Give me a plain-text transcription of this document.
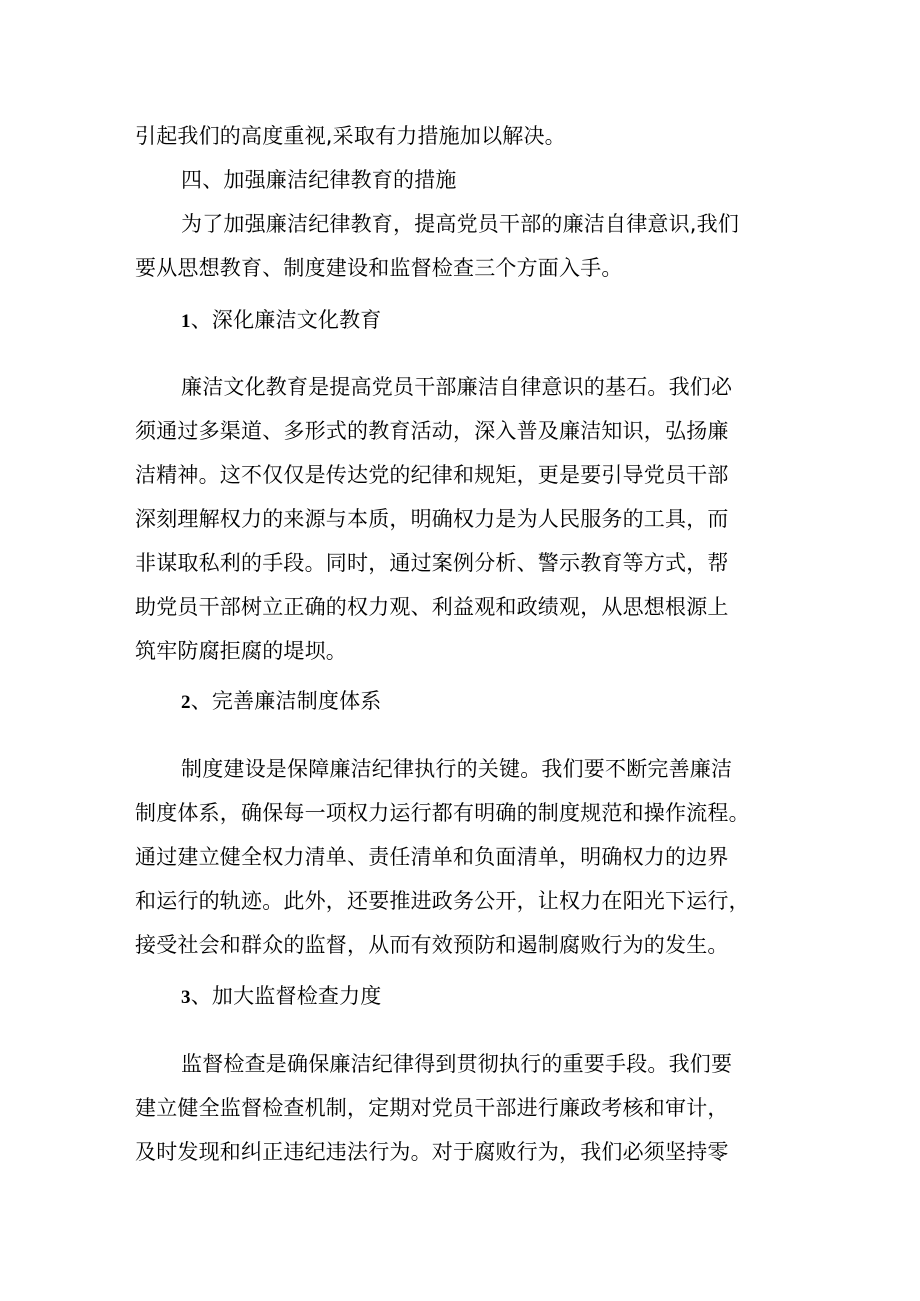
引起我们的高度重视,采取有力措施加以解决。

四、加强廉洁纪律教育的措施

为了加强廉洁纪律教育，提高党员干部的廉洁自律意识,我们

要从思想教育、制度建设和监督检查三个方面入手。

1、深化廉洁文化教育

廉洁文化教育是提高党员干部廉洁自律意识的基石。我们必

须通过多渠道、多形式的教育活动，深入普及廉洁知识，弘扬廉

洁精神。这不仅仅是传达党的纪律和规矩，更是要引导党员干部

深刻理解权力的来源与本质，明确权力是为人民服务的工具，而

非谋取私利的手段。同时，通过案例分析、警示教育等方式，帮

助党员干部树立正确的权力观、利益观和政绩观，从思想根源上

筑牢防腐拒腐的堤坝。

2、完善廉洁制度体系

制度建设是保障廉洁纪律执行的关键。我们要不断完善廉洁

制度体系，确保每一项权力运行都有明确的制度规范和操作流程。

通过建立健全权力清单、责任清单和负面清单，明确权力的边界

和运行的轨迹。此外，还要推进政务公开，让权力在阳光下运行，

接受社会和群众的监督，从而有效预防和遏制腐败行为的发生。

3、加大监督检查力度

监督检查是确保廉洁纪律得到贯彻执行的重要手段。我们要

建立健全监督检查机制，定期对党员干部进行廉政考核和审计，

及时发现和纠正违纪违法行为。对于腐败行为，我们必须坚持零
